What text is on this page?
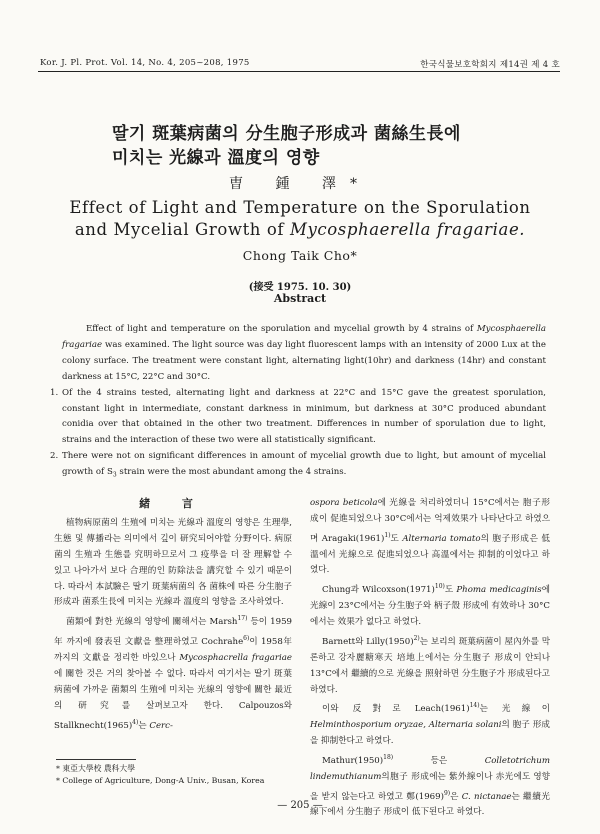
Kor. J. Pl. Prot. Vol. 14, No. 4, 205~208, 1975	한국식물보호학회지 제14권 제 4 호
딸기 斑葉病菌의 分生胞子形成과 菌絲生長에
미치는 光線과 溫度의 영향
曺 鍾 澤*
Effect of Light and Temperature on the Sporulation
and Mycelial Growth of Mycosphaerella fragariae.
Chong Taik Cho*
(接受 1975. 10. 30)
Abstract

Effect of light and temperature on the sporulation and mycelial growth by 4 strains of Mycosphaerella fragariae was examined. The light source was day light fluorescent lamps with an intensity of 2000 Lux at the colony surface. The treatment were constant light, alternating light(10hr) and darkness (14hr) and constant darkness at 15°C, 22°C and 30°C.

1. Of the 4 strains tested, alternating light and darkness at 22°C and 15°C gave the greatest sporulation, constant light in intermediate, constant darkness in minimum, but darkness at 30°C produced abundant conidia over that obtained in the other two treatment. Differences in number of sporulation due to light, strains and the interaction of these two were all statistically significant.
2. There were not on significant differences in amount of mycelial growth due to light, but amount of mycelial growth of $S_3$ strain were the most abundant among the 4 strains.
緒 言

植物病原菌의 生殖에 미치는 光線과 溫度의 영향은 生理學, 生態 및 傳播라는 의미에서 깊이 研究되어야할 分野이다. 病原菌의 生殖과 生態를 究明하므로서 그 疫學을 더 잘 理解할 수 있고 나아가서 보다 合理的인 防除法을 講究할 수 있기 때문이다. 따라서 本試驗은 딸기 斑葉病菌의 各 菌株에 따른 分生胞子 形成과 菌系生長에 미치는 光線과 溫度의 영향을 조사하였다.

菌類에 對한 光線의 영향에 關해서는 Marsh$^{17)}$ 등이 1959年 까지에 發表된 文獻을 整理하였고 Cochrahe$^{6)}$이 1958年 까지의 文獻을 정리한 바있으나 Mycosphacrella fragariae에 關한 것은 거의 찾아볼 수 없다. 따라서 여기서는 딸기 斑葉病菌에 가까운 菌類의 生殖에 미치는 光線의 영향에 關한 最近의 研究를 살펴보고자 한다. Calpouzos와 $Stallknecht(1965)^{4)}$는 Cerc-

ospora beticola에 光線을 처리하였더니 15°C에서는 胞子形成이 促進되었으나 30°C에서는 억제效果가 나타난다고 하였으며 $Aragaki(1961)^{1)}$도 Alternaria tomato의 胞子形成은 低溫에서 光線으로 促進되었으나 高溫에서는 抑制的이었다고 하였다.

Chung과 $Wilcoxson(1971)^{10)}$도 Phoma medicaginis에 光線이 23°C에서는 分生胞子와 柄子殼 形成에 有效하나 30°C에서는 效果가 없다고 하였다.

Barnett와 $Lilly(1950)^{2)}$는 보리의 斑葉病菌이 屋內外를 막론하고 강자麗糖寒天 培地上에서는 分生胞子 形成이 안되나 13°C에서 繼續的으로 光線을 照射하면 分生胞子가 形成된다고 하였다.

이와 反對로 $Leach(1961)^{14)}$는 光線이 Helminthosporium oryzae, Alternaria solani의 胞子 形成을 抑制한다고 하였다.

$Mathur(1950)^{18)}$ 등은 Colletotrichum lindemuthianum의胞子 形成에는 紫外線이나 赤光에도 영향을 받지 않는다고 하였고 鄭$(1969)^{9)}$은 C. nictanae는 繼續光線下에서 分生胞子 形成이 低下된다고 하였다.

* 東亞大學校 農科大學
* College of Agriculture, Dong-A Univ., Busan, Korea
— 205 —
